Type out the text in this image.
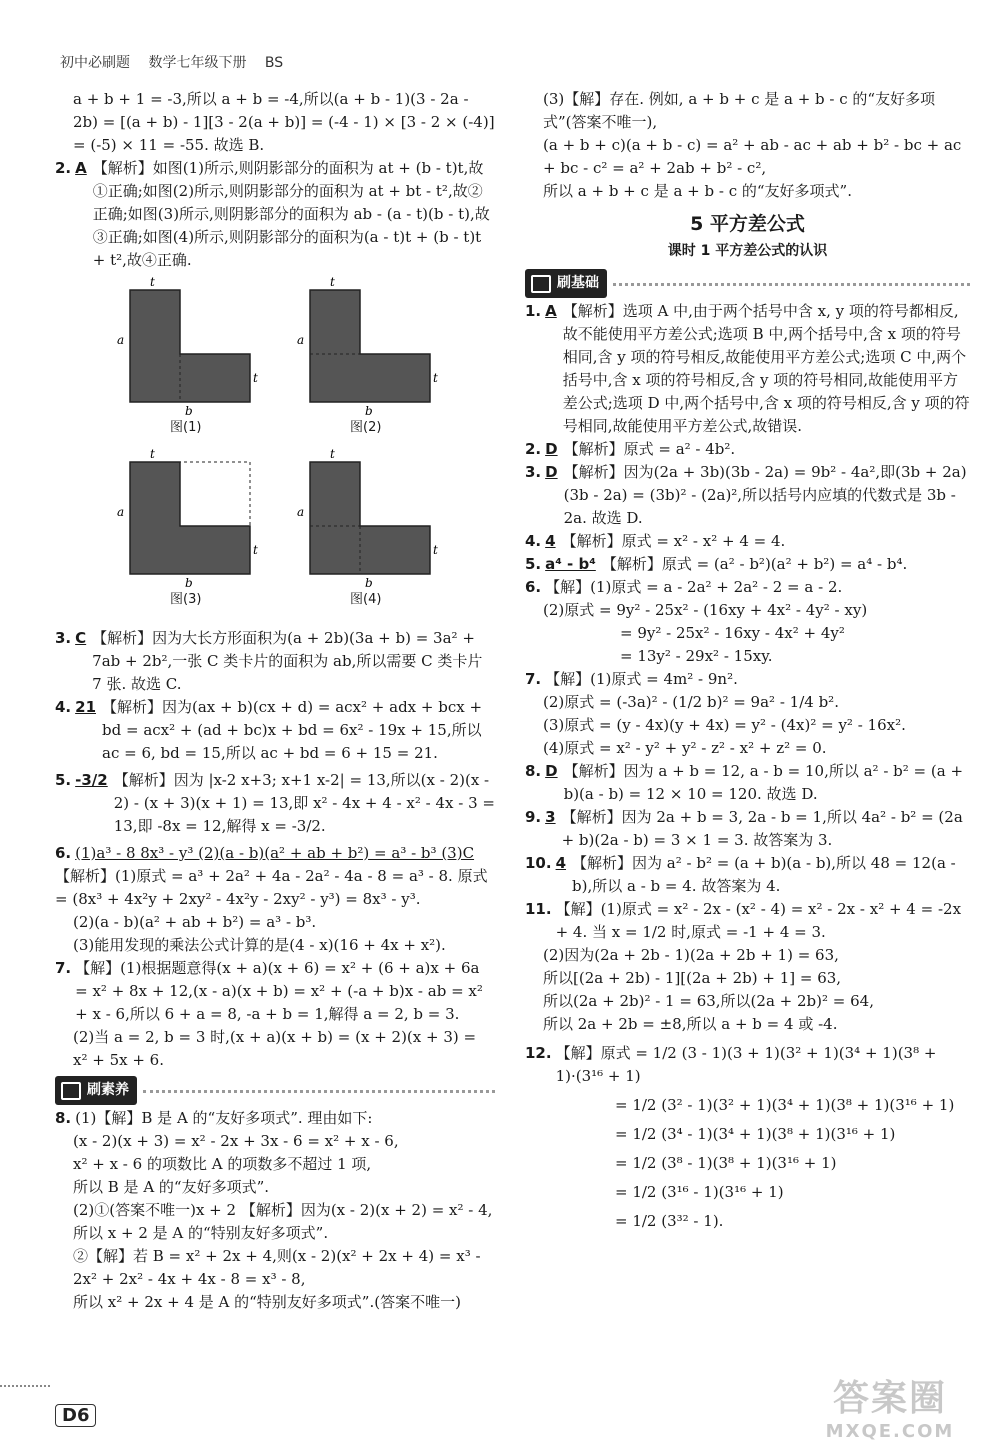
初中必刷题 数学七年级下册 BS

a + b + 1 = -3,所以 a + b = -4,所以(a + b - 1)(3 - 2a - 2b) = [(a + b) - 1][3 - 2(a + b)] = (-4 - 1) × [3 - 2 × (-4)] = (-5) × 11 = -55. 故选 B.

2. A 【解析】如图(1)所示,则阴影部分的面积为 at + (b - t)t,故①正确;如图(2)所示,则阴影部分的面积为 at + bt - t²,故②正确;如图(3)所示,则阴影部分的面积为 ab - (a - t)(b - t),故③正确;如图(4)所示,则阴影部分的面积为(a - t)t + (b - t)t + t²,故④正确.
t
a
t
b
图(1)
t
a
t
b
图(2)
t
a
t
b
图(3)
t
a
t
b
图(4)
3. C 【解析】因为大长方形面积为(a + 2b)(3a + b) = 3a² + 7ab + 2b²,一张 C 类卡片的面积为 ab,所以需要 C 类卡片 7 张. 故选 C.
4. 21 【解析】因为(ax + b)(cx + d) = acx² + adx + bcx + bd = acx² + (ad + bc)x + bd = 6x² - 19x + 15,所以 ac = 6, bd = 15,所以 ac + bd = 6 + 15 = 21.
5. -3/2 【解析】因为 |x-2 x+3; x+1 x-2| = 13,所以(x - 2)(x - 2) - (x + 3)(x + 1) = 13,即 x² - 4x + 4 - x² - 4x - 3 = 13,即 -8x = 12,解得 x = -3/2.
6. (1)a³ - 8 8x³ - y³ (2)(a - b)(a² + ab + b²) = a³ - b³ (3)C

【解析】(1)原式 = a³ + 2a² + 4a - 2a² - 4a - 8 = a³ - 8. 原式 = (8x³ + 4x²y + 2xy² - 4x²y - 2xy² - y³) = 8x³ - y³.

(2)(a - b)(a² + ab + b²) = a³ - b³.

(3)能用发现的乘法公式计算的是(4 - x)(16 + 4x + x²).

7. 【解】(1)根据题意得(x + a)(x + 6) = x² + (6 + a)x + 6a = x² + 8x + 12,(x - a)(x + b) = x² + (-a + b)x - ab = x² + x - 6,所以 6 + a = 8, -a + b = 1,解得 a = 2, b = 3.

(2)当 a = 2, b = 3 时,(x + a)(x + b) = (x + 2)(x + 3) = x² + 5x + 6.

刷素养
8. (1)【解】B 是 A 的“友好多项式”. 理由如下:

(x - 2)(x + 3) = x² - 2x + 3x - 6 = x² + x - 6,

x² + x - 6 的项数比 A 的项数多不超过 1 项,

所以 B 是 A 的“友好多项式”.

(2)①(答案不唯一)x + 2 【解析】因为(x - 2)(x + 2) = x² - 4,所以 x + 2 是 A 的“特别友好多项式”.

②【解】若 B = x² + 2x + 4,则(x - 2)(x² + 2x + 4) = x³ - 2x² + 2x² - 4x + 4x - 8 = x³ - 8,

所以 x² + 2x + 4 是 A 的“特别友好多项式”.(答案不唯一)

(3)【解】存在. 例如, a + b + c 是 a + b - c 的“友好多项式”(答案不唯一),

(a + b + c)(a + b - c) = a² + ab - ac + ab + b² - bc + ac + bc - c² = a² + 2ab + b² - c²,

所以 a + b + c 是 a + b - c 的“友好多项式”.

5 平方差公式
课时 1 平方差公式的认识
刷基础
1. A 【解析】选项 A 中,由于两个括号中含 x, y 项的符号都相反,故不能使用平方差公式;选项 B 中,两个括号中,含 x 项的符号相同,含 y 项的符号相反,故能使用平方差公式;选项 C 中,两个括号中,含 x 项的符号相反,含 y 项的符号相同,故能使用平方差公式;选项 D 中,两个括号中,含 x 项的符号相反,含 y 项的符号相同,故能使用平方差公式,故错误.
2. D 【解析】原式 = a² - 4b².
3. D 【解析】因为(2a + 3b)(3b - 2a) = 9b² - 4a²,即(3b + 2a)(3b - 2a) = (3b)² - (2a)²,所以括号内应填的代数式是 3b - 2a. 故选 D.
4. 4 【解析】原式 = x² - x² + 4 = 4.
5. a⁴ - b⁴ 【解析】原式 = (a² - b²)(a² + b²) = a⁴ - b⁴.
6. 【解】(1)原式 = a - 2a² + 2a² - 2 = a - 2.

(2)原式 = 9y² - 25x² - (16xy + 4x² - 4y² - xy)

= 9y² - 25x² - 16xy - 4x² + 4y²

= 13y² - 29x² - 15xy.

7. 【解】(1)原式 = 4m² - 9n².

(2)原式 = (-3a)² - (1/2 b)² = 9a² - 1/4 b².

(3)原式 = (y - 4x)(y + 4x) = y² - (4x)² = y² - 16x².

(4)原式 = x² - y² + y² - z² - x² + z² = 0.

8. D 【解析】因为 a + b = 12, a - b = 10,所以 a² - b² = (a + b)(a - b) = 12 × 10 = 120. 故选 D.
9. 3 【解析】因为 2a + b = 3, 2a - b = 1,所以 4a² - b² = (2a + b)(2a - b) = 3 × 1 = 3. 故答案为 3.
10. 4 【解析】因为 a² - b² = (a + b)(a - b),所以 48 = 12(a - b),所以 a - b = 4. 故答案为 4.
11. 【解】(1)原式 = x² - 2x - (x² - 4) = x² - 2x - x² + 4 = -2x + 4. 当 x = 1/2 时,原式 = -1 + 4 = 3.

(2)因为(2a + 2b - 1)(2a + 2b + 1) = 63,

所以[(2a + 2b) - 1][(2a + 2b) + 1] = 63,

所以(2a + 2b)² - 1 = 63,所以(2a + 2b)² = 64,

所以 2a + 2b = ±8,所以 a + b = 4 或 -4.

12. 【解】原式 = 1/2 (3 - 1)(3 + 1)(3² + 1)(3⁴ + 1)(3⁸ + 1)·(3¹⁶ + 1)

= 1/2 (3² - 1)(3² + 1)(3⁴ + 1)(3⁸ + 1)(3¹⁶ + 1)

= 1/2 (3⁴ - 1)(3⁴ + 1)(3⁸ + 1)(3¹⁶ + 1)

= 1/2 (3⁸ - 1)(3⁸ + 1)(3¹⁶ + 1)

= 1/2 (3¹⁶ - 1)(3¹⁶ + 1)

= 1/2 (3³² - 1).

D6	答案圈
MXQE.COM
